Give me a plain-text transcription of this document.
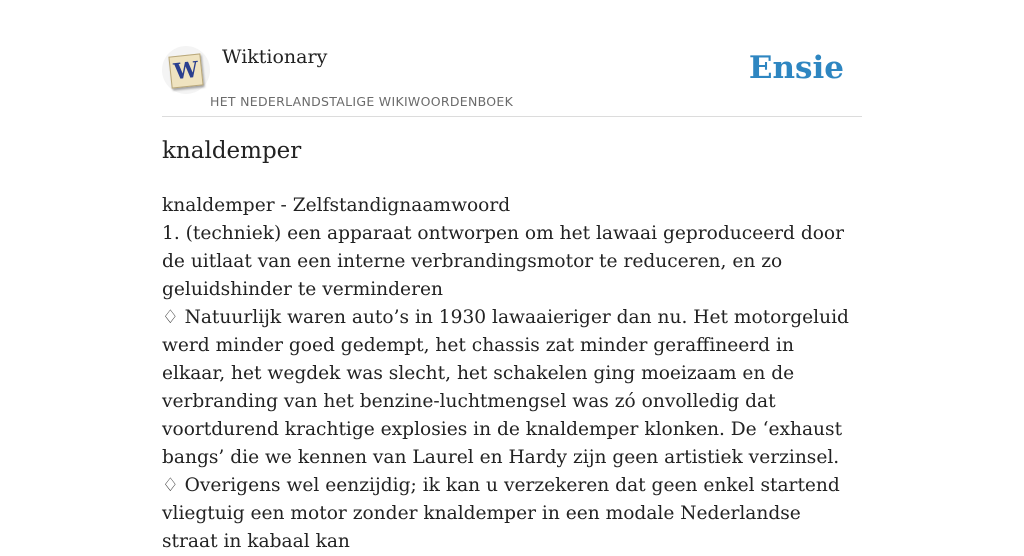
W Wiktionary
HET NEDERLANDSTALIGE WIKIWOORDENBOEK
Ensie
knaldemper

knaldemper - Zelfstandignaamwoord

1. (techniek) een apparaat ontworpen om het lawaai geproduceerd door de uitlaat van een interne verbrandingsmotor te reduceren, en zo geluidshinder te verminderen

♢ Natuurlijk waren auto’s in 1930 lawaaieriger dan nu. Het motorgeluid werd minder goed gedempt, het chassis zat minder geraffineerd in elkaar, het wegdek was slecht, het schakelen ging moeizaam en de verbranding van het benzine-luchtmengsel was zó onvolledig dat voortdurend krachtige explosies in de knaldemper klonken. De ‘exhaust bangs’ die we kennen van Laurel en Hardy zijn geen artistiek verzinsel.

♢ Overigens wel eenzijdig; ik kan u verzekeren dat geen enkel startend vliegtuig een motor zonder knaldemper in een modale Nederlandse straat in kabaal kan
